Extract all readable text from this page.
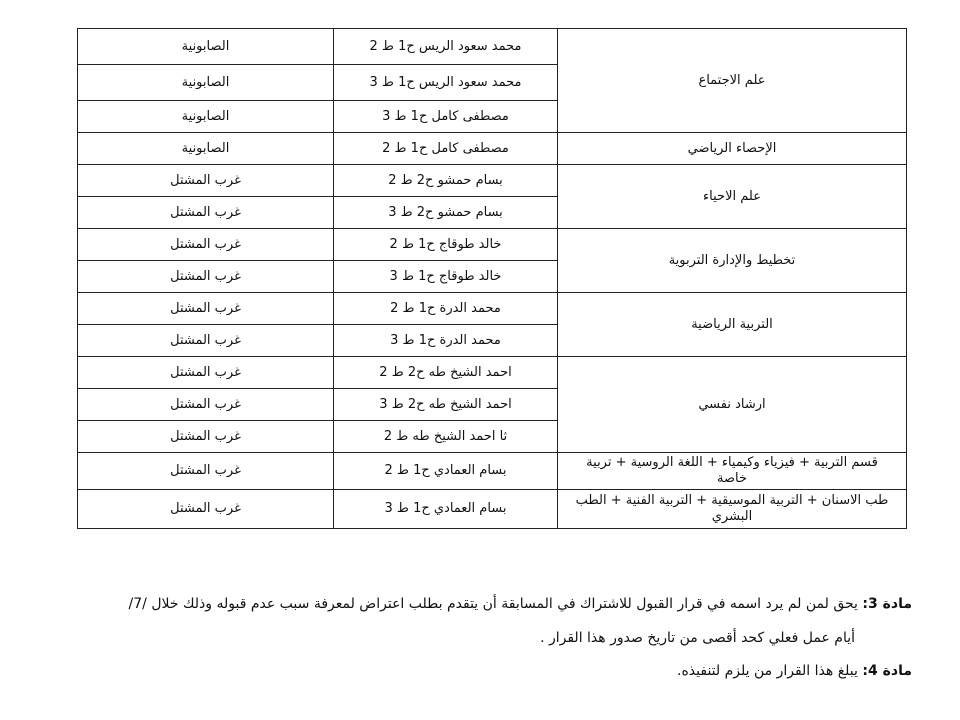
علم الاجتماع	محمد سعود الريس ح1 ط 2	الصابونية
	محمد سعود الريس ح1 ط 3	الصابونية
	مصطفى كامل ح1 ط 3	الصابونية
الإحصاء الرياضي	مصطفى كامل ح1 ط 2	الصابونية
علم الاحياء	بسام حمشو ح2 ط 2	غرب المشتل
	بسام حمشو ح2 ط 3	غرب المشتل
تخطيط والإدارة التربوية	خالد طوقاج ح1 ط 2	غرب المشتل
	خالد طوقاج ح1 ط 3	غرب المشتل
التربية الرياضية	محمد الدرة ح1 ط 2	غرب المشتل
	محمد الدرة ح1 ط 3	غرب المشتل
ارشاد نفسي	احمد الشيخ طه ح2 ط 2	غرب المشتل
	احمد الشيخ طه ح2 ط 3	غرب المشتل
	ثا احمد الشيخ طه ط 2	غرب المشتل
قسم التربية + فيزياء وكيمياء + اللغة الروسية + تربية خاصة	بسام العمادي ح1 ط 2	غرب المشتل
طب الاسنان + التربية الموسيقية + التربية الفنية + الطب البشري	بسام العمادي ح1 ط 3	غرب المشتل
مادة 3: يحق لمن لم يرد اسمه في قرار القبول للاشتراك في المسابقة أن يتقدم بطلب اعتراض لمعرفة سبب عدم قبوله وذلك خلال /7/
أيام عمل فعلي كحد أقصى من تاريخ صدور هذا القرار .
مادة 4: يبلغ هذا القرار من يلزم لتنفيذه.
